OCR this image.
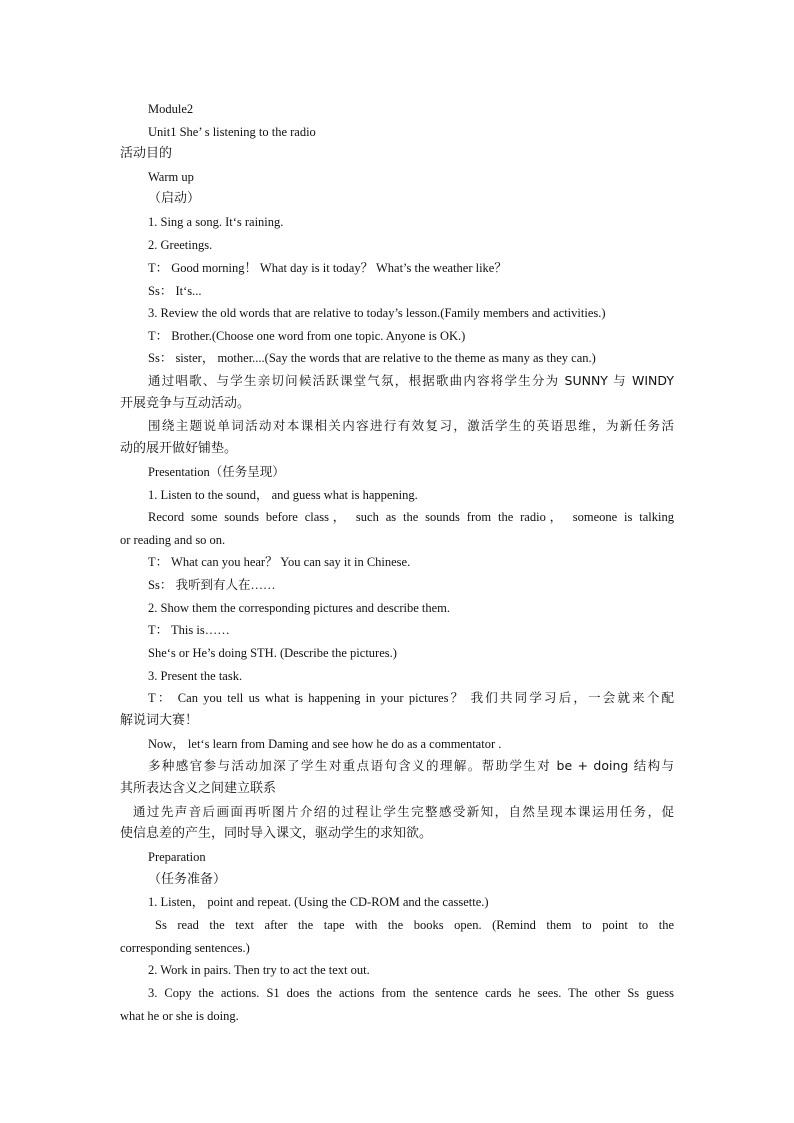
Module2
Unit1 She’ s listening to the radio
活动目的
Warm up
（启动）
1. Sing a song. It‘s raining.
2. Greetings.
T： Good morning！ What day is it today？ What’s the weather like？
Ss： It‘s...
3. Review the old words that are relative to today’s lesson.(Family members and activities.)
T： Brother.(Choose one word from one topic. Anyone is OK.)
Ss： sister， mother....(Say the words that are relative to the theme as many as they can.)
通过唱歌、与学生亲切问候活跃课堂气氛，根据歌曲内容将学生分为 SUNNY 与 WINDY
开展竞争与互动活动。
围绕主题说单词活动对本课相关内容进行有效复习，激活学生的英语思维，为新任务活
动的展开做好铺垫。
Presentation（任务呈现）
1. Listen to the sound， and guess what is happening.
Record some sounds before class， such as the sounds from the radio， someone is talking
or reading and so on.
T： What can you hear？ You can say it in Chinese.
Ss： 我听到有人在……
2. Show them the corresponding pictures and describe them.
T： This is……
She‘s or He’s doing STH. (Describe the pictures.)
3. Present the task.
T： Can you tell us what is happening in your pictures？ 我们共同学习后，一会就来个配
解说词大赛！
Now， let‘s learn from Daming and see how he do as a commentator .
多种感官参与活动加深了学生对重点语句含义的理解。帮助学生对 be + doing 结构与
其所表达含义之间建立联系
通过先声音后画面再听图片介绍的过程让学生完整感受新知，自然呈现本课运用任务，促
使信息差的产生，同时导入课文，驱动学生的求知欲。
Preparation
（任务准备）
1. Listen， point and repeat. (Using the CD-ROM and the cassette.)
Ss read the text after the tape with the books open. (Remind them to point to the
corresponding sentences.)
2. Work in pairs. Then try to act the text out.
3. Copy the actions. S1 does the actions from the sentence cards he sees. The other Ss guess
what he or she is doing.
